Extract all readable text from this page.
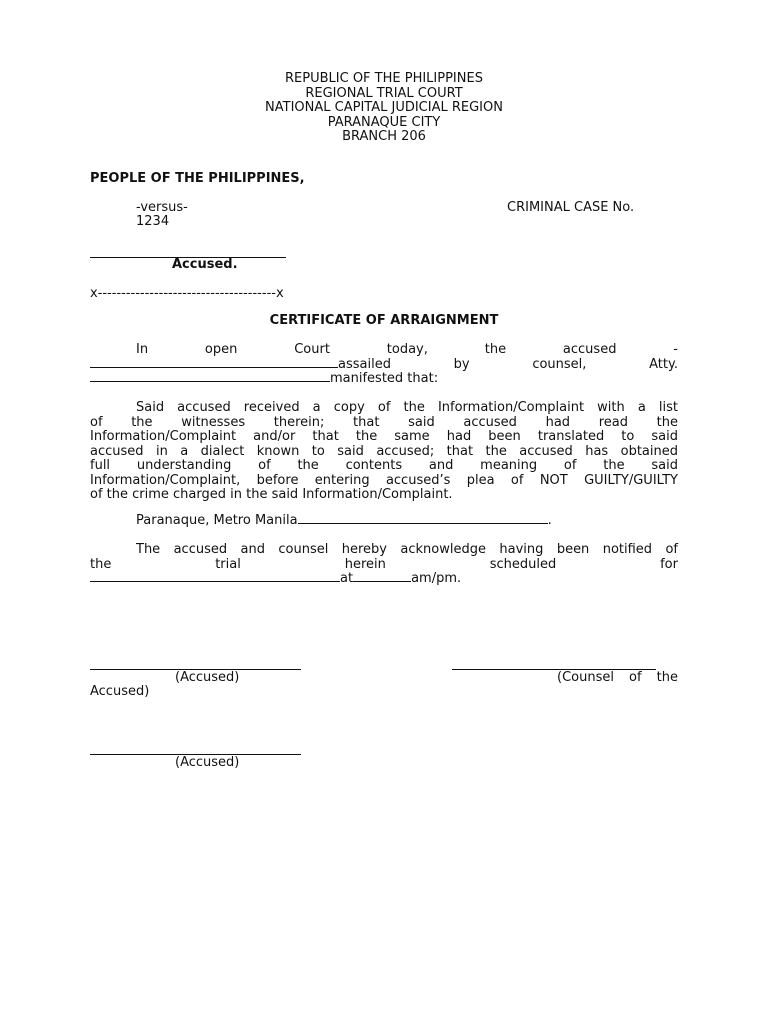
REPUBLIC OF THE PHILIPPINES
REGIONAL TRIAL COURT
NATIONAL CAPITAL JUDICIAL REGION
PARANAQUE CITY
BRANCH 206
PEOPLE OF THE PHILIPPINES,
-versus-	CRIMINAL CASE No.
1234
Accused.
x--------------------------------------x
CERTIFICATE OF ARRAIGNMENT
In	open	Court	today,	the	accused	-
assailed	by	counsel,	Atty.
manifested that:
Said accused received a copy of the Information/Complaint with a list
of the witnesses therein; that said accused had read the
Information/Complaint and/or that the same had been translated to said
accused in a dialect known to said accused; that the accused has obtained
full understanding of the contents and meaning of the said
Information/Complaint, before entering accused’s plea of NOT GUILTY/GUILTY
of the crime charged in the said Information/Complaint.
Paranaque, Metro Manila	.
The accused and counsel hereby acknowledge having been notified of
the	trial	herein	scheduled	for
at	am/pm.
(Accused)	(Counsel of the
Accused)
(Accused)
